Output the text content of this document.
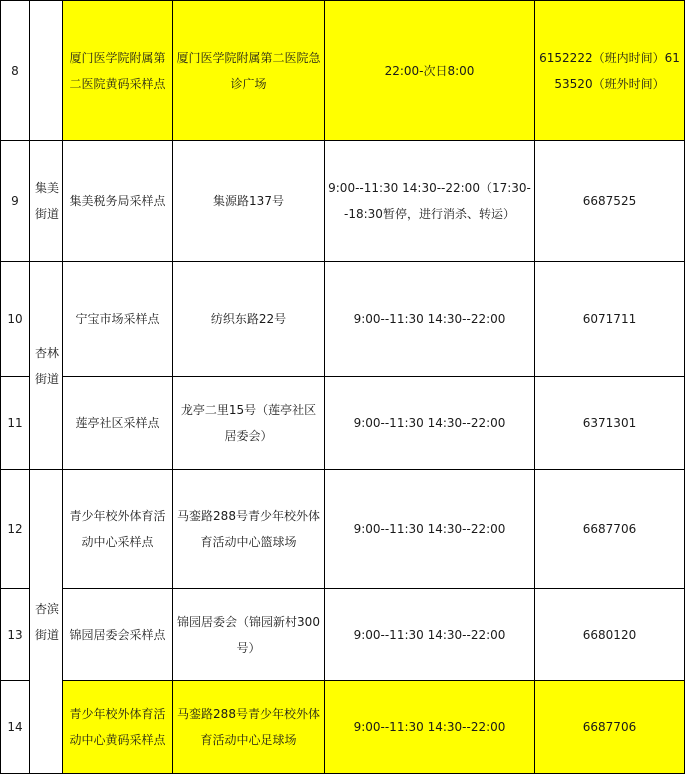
8		厦门医学院附属第二医院黄码采样点	厦门医学院附属第二医院急诊广场	22:00-次日8:00	6152222（班内时间）6153520（班外时间）

9	集美街道	集美税务局采样点	集源路137号	9:00--11:30 14:30--22:00（17:30--18:30暂停，进行消杀、转运）	6687525

10	杏林街道	宁宝市场采样点	纺织东路22号	9:00--11:30 14:30--22:00	6071711

11		莲亭社区采样点	龙亭二里15号（莲亭社区居委会）	9:00--11:30 14:30--22:00	6371301

12	杏滨街道	青少年校外体育活动中心采样点	马銮路288号青少年校外体育活动中心篮球场	9:00--11:30 14:30--22:00	6687706

13		锦园居委会采样点	锦园居委会（锦园新村300号）	9:00--11:30 14:30--22:00	6680120

14		青少年校外体育活动中心黄码采样点	马銮路288号青少年校外体育活动中心足球场	9:00--11:30 14:30--22:00	6687706
